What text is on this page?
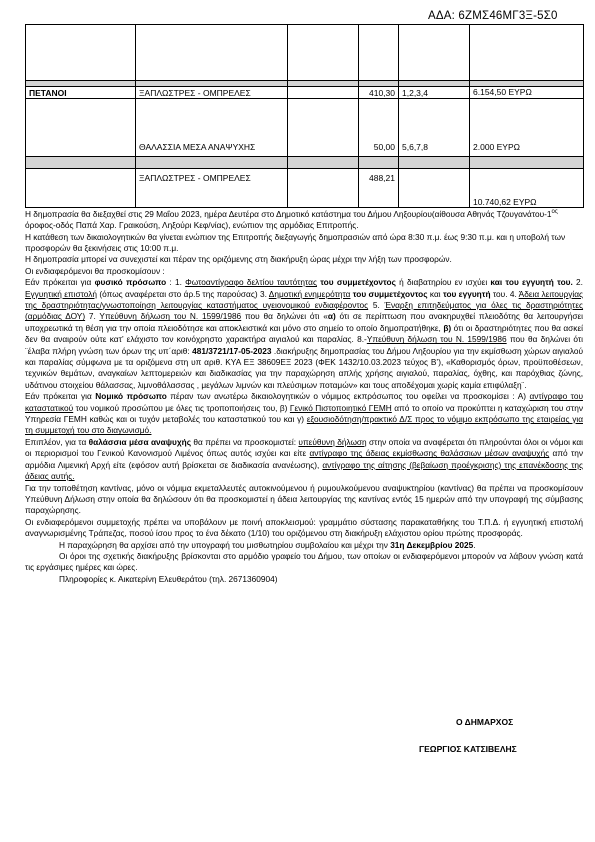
ΑΔΑ: 6ΖΜΣ46ΜΓ3Ξ-5Σ0

ΠΕΤΑΝΟΙ	ΞΑΠΛΩΣΤΡΕΣ - ΟΜΠΡΕΛΕΣ		410,30	1,2,3,4	6.154,50 ΕΥΡΩ
	ΘΑΛΑΣΣΙΑ ΜΕΣΑ ΑΝΑΨΥΧΗΣ		50,00	5,6,7,8	2.000 ΕΥΡΩ

	ΞΑΠΛΩΣΤΡΕΣ - ΟΜΠΡΕΛΕΣ		488,21		10.740,62 ΕΥΡΩ

Η δημοπρασία θα διεξαχθεί στις 29 Μαΐου 2023, ημέρα Δευτέρα στο Δημοτικό κατάστημα του Δήμου Ληξουρίου(αίθουσα Αθηνάς Τζουγανάτου-$1^{o\varsigma}$ όροφος-οδός Παπά Χαρ. Γραικούση, Ληξούρι Κεφ/νίας), ενώπιον της αρμόδιας Επιτροπής.

Η κατάθεση των δικαιολογητικών θα γίνεται ενώπιον της Επιτροπής διεξαγωγής δημοπρασιών από ώρα 8:30 π.μ. έως 9:30 π.μ. και η υποβολή των προσφορών θα ξεκινήσεις στις 10:00 π.μ.

Η δημοπρασία μπορεί να συνεχιστεί και πέραν της οριζόμενης στη διακήρυξη ώρας μέχρι την λήξη των προσφορών.

Οι ενδιαφερόμενοι θα προσκομίσουν :

Εάν πρόκειται για φυσικό πρόσωπο : 1. Φωτοαντίγραφο δελτίου ταυτότητας του συμμετέχοντος ή διαβατηρίου εν ισχύει και του εγγυητή του. 2. Εγγυητική επιστολή (όπως αναφέρεται στο άρ.5 της παρούσας) 3. Δημοτική ενημερότητα του συμμετέχοντος και του εγγυητή του. 4. Άδεια λειτουργίας της δραστηριότητας/γνωστοποίηση λειτουργίας καταστήματος υγειονομικού ενδιαφέροντος 5. Έναρξη επιτηδεύματος για όλες τις δραστηριότητες (αρμόδιας ΔΟΥ) 7. Υπεύθυνη δήλωση του Ν. 1599/1986 που θα δηλώνει ότι «α) ότι σε περίπτωση που ανακηρυχθεί πλειοδότης θα λειτουργήσει υποχρεωτικά τη θέση για την οποία πλειοδότησε και αποκλειστικά και μόνο στο σημείο το οποίο δημοπρατήθηκε, β) ότι οι δραστηριότητες που θα ασκεί δεν θα αναιρούν ούτε κατ’ ελάχιστο τον κοινόχρηστο χαρακτήρα αιγιαλού και παραλίας. 8.-Υπεύθυνη δήλωση του Ν. 1599/1986 που θα δηλώνει ότι ¨έλαβα πλήρη γνώση των όρων της υπ΄αριθ: 481/3721/17-05-2023 .διακήρυξης δημοπρασίας του Δήμου Ληξουρίου για την εκμίσθωση χώρων αιγιαλού και παραλίας σύμφωνα με τα οριζόμενα στη υπ αριθ. ΚΥΑ ΕΞ 38609ΕΞ 2023 (ΦΕΚ 1432/10.03.2023 τεύχος Β’), «Καθορισμός όρων, προϋποθέσεων, τεχνικών θεμάτων, αναγκαίων λεπτομερειών και διαδικασίας για την παραχώρηση απλής χρήσης αιγιαλού, παραλίας, όχθης, και παρόχθιας ζώνης, υδάτινου στοιχείου θάλασσας, λιμνοθάλασσας , μεγάλων λιμνών και πλεύσιμων ποταμών» και τους αποδέχομαι χωρίς καμία επιφύλαξη¨.

Εάν πρόκειται για Νομικό πρόσωπο πέραν των ανωτέρω δικαιολογητικών ο νόμιμος εκπρόσωπος του οφείλει να προσκομίσει : Α) αντίγραφο του καταστατικού του νομικού προσώπου με όλες τις τροποποιήσεις του, β) Γενικό Πιστοποιητικό ΓΕΜΗ από το οποίο να προκύπτει η καταχώριση του στην Υπηρεσία ΓΕΜΗ καθώς και οι τυχόν μεταβολές του καταστατικού του και γ) εξουσιοδότηση/πρακτικό Δ/Σ προς το νόμιμο εκπρόσωπο της εταιρείας για τη συμμετοχή του στο διαγωνισμό.

Επιπλέον, για τα θαλάσσια μέσα αναψυχής θα πρέπει να προσκομιστεί: υπεύθυνη δήλωση στην οποία να αναφέρεται ότι πληρούνται όλοι οι νόμοι και οι περιορισμοί του Γενικού Κανονισμού Λιμένος όπως αυτός ισχύει και είτε αντίγραφο της άδειας εκμίσθωσης θαλάσσιων μέσων αναψυχής από την αρμόδια Λιμενική Αρχή είτε (εφόσον αυτή βρίσκεται σε διαδικασία ανανέωσης), αντίγραφο της αίτησης (βεβαίωση προέγκρισης) της επανέκδοσης της άδειας αυτής.

Για την τοποθέτηση καντίνας, μόνο οι νόμιμα εκμεταλλευτές αυτοκινούμενου ή ρυμουλκούμενου αναψυκτηρίου (καντίνας) θα πρέπει να προσκομίσουν Υπεύθυνη Δήλωση στην οποία θα δηλώσουν ότι θα προσκομιστεί η άδεια λειτουργίας της καντίνας εντός 15 ημερών από την υπογραφή της σύμβασης παραχώρησης.

Οι ενδιαφερόμενοι συμμετοχής πρέπει να υποβάλουν με ποινή αποκλεισμού: γραμμάτιο σύστασης παρακαταθήκης του Τ.Π.Δ. ή εγγυητική επιστολή αναγνωρισμένης Τράπεζας, ποσού ίσου προς το ένα δέκατο (1/10) του οριζόμενου στη διακήρυξη ελάχιστου ορίου πρώτης προσφοράς.

Η παραχώρηση θα αρχίσει από την υπογραφή του μισθωτηρίου συμβολαίου και μέχρι την 31η Δεκεμβρίου 2025.

Οι όροι της σχετικής διακήρυξης βρίσκονται στο αρμόδιο γραφείο του Δήμου, των οποίων οι ενδιαφερόμενοι μπορούν να λάβουν γνώση κατά τις εργάσιμες ημέρες και ώρες.

Πληροφορίες κ. Αικατερίνη Ελευθεράτου (τηλ. 2671360904)

Ο ΔΗΜΑΡΧΟΣ
ΓΕΩΡΓΙΟΣ ΚΑΤΣΙΒΕΛΗΣ
